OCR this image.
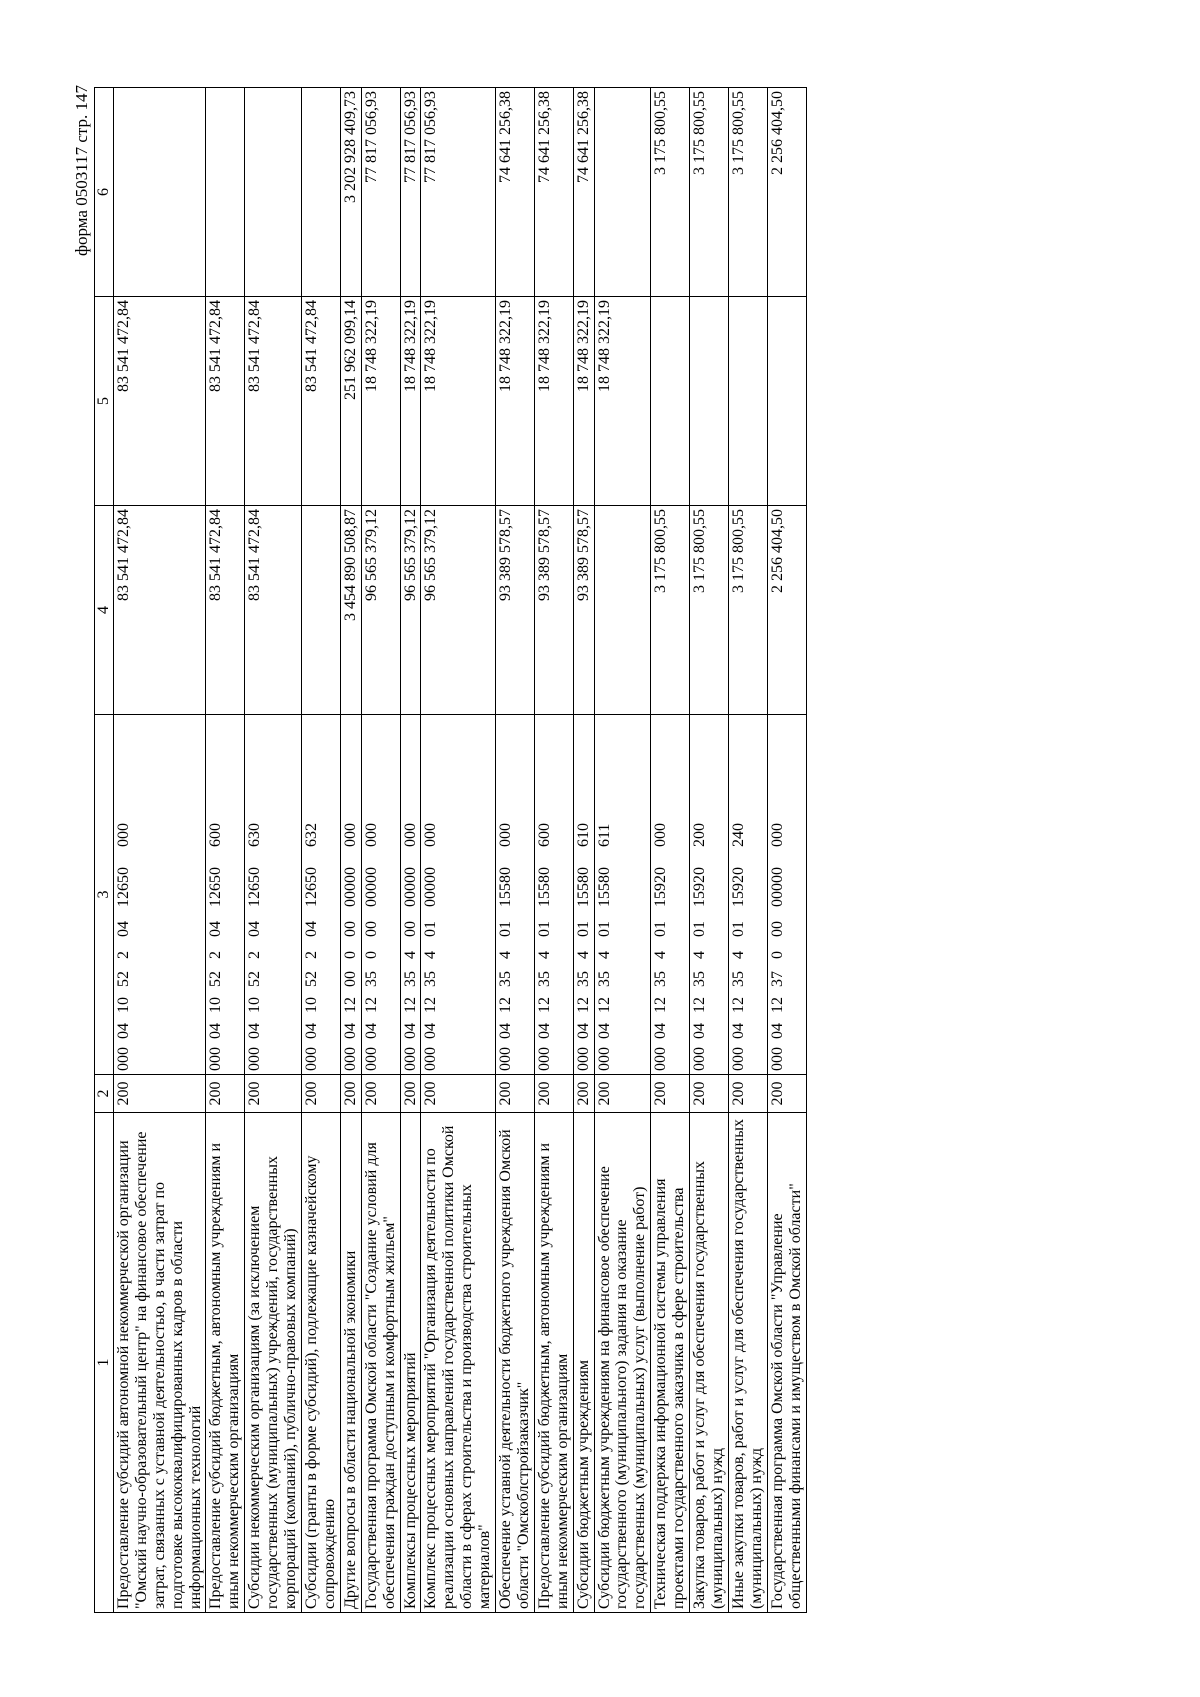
форма 0503117 стр. 147
1	2	3	4	5	6
Предоставление субсидий автономной некоммерческой организации "Омский научно-образовательный центр" на финансовое обеспечение затрат, связанных с уставной деятельностью, в части затрат по подготовке высококвалифицированных кадров в области информационных технологий	200	00004105220412650000	83 541 472,84	83 541 472,84	
Предоставление субсидий бюджетным, автономным учреждениям и иным некоммерческим организациям	200	00004105220412650600	83 541 472,84	83 541 472,84	
Субсидии некоммерческим организациям (за исключением государственных (муниципальных) учреждений, государственных корпораций (компаний), публично-правовых компаний)	200	00004105220412650630	83 541 472,84	83 541 472,84	
Субсидии (гранты в форме субсидий), подлежащие казначейскому сопровождению	200	00004105220412650632		83 541 472,84	
Другие вопросы в области национальной экономики	200	00004120000000000000	3 454 890 508,87	251 962 099,14	3 202 928 409,73
Государственная программа Омской области "Создание условий для обеспечения граждан доступным и комфортным жильем"	200	00004123500000000000	96 565 379,12	18 748 322,19	77 817 056,93
Комплексы процессных мероприятий	200	00004123540000000000	96 565 379,12	18 748 322,19	77 817 056,93
Комплекс процессных мероприятий "Организация деятельности по реализации основных направлений государственной политики Омской области в сферах строительства и производства строительных материалов"	200	00004123540100000000	96 565 379,12	18 748 322,19	77 817 056,93
Обеспечение уставной деятельности бюджетного учреждения Омской области "Омскоблстройзаказчик"	200	00004123540115580000	93 389 578,57	18 748 322,19	74 641 256,38
Предоставление субсидий бюджетным, автономным учреждениям и иным некоммерческим организациям	200	00004123540115580600	93 389 578,57	18 748 322,19	74 641 256,38
Субсидии бюджетным учреждениям	200	00004123540115580610	93 389 578,57	18 748 322,19	74 641 256,38
Субсидии бюджетным учреждениям на финансовое обеспечение государственного (муниципального) задания на оказание государственных (муниципальных) услуг (выполнение работ)	200	00004123540115580611		18 748 322,19	
Техническая поддержка информационной системы управления проектами государственного заказчика в сфере строительства	200	00004123540115920000	3 175 800,55		3 175 800,55
Закупка товаров, работ и услуг для обеспечения государственных (муниципальных) нужд	200	00004123540115920200	3 175 800,55		3 175 800,55
Иные закупки товаров, работ и услуг для обеспечения государственных (муниципальных) нужд	200	00004123540115920240	3 175 800,55		3 175 800,55
Государственная программа Омской области "Управление общественными финансами и имуществом в Омской области"	200	00004123700000000000	2 256 404,50		2 256 404,50
